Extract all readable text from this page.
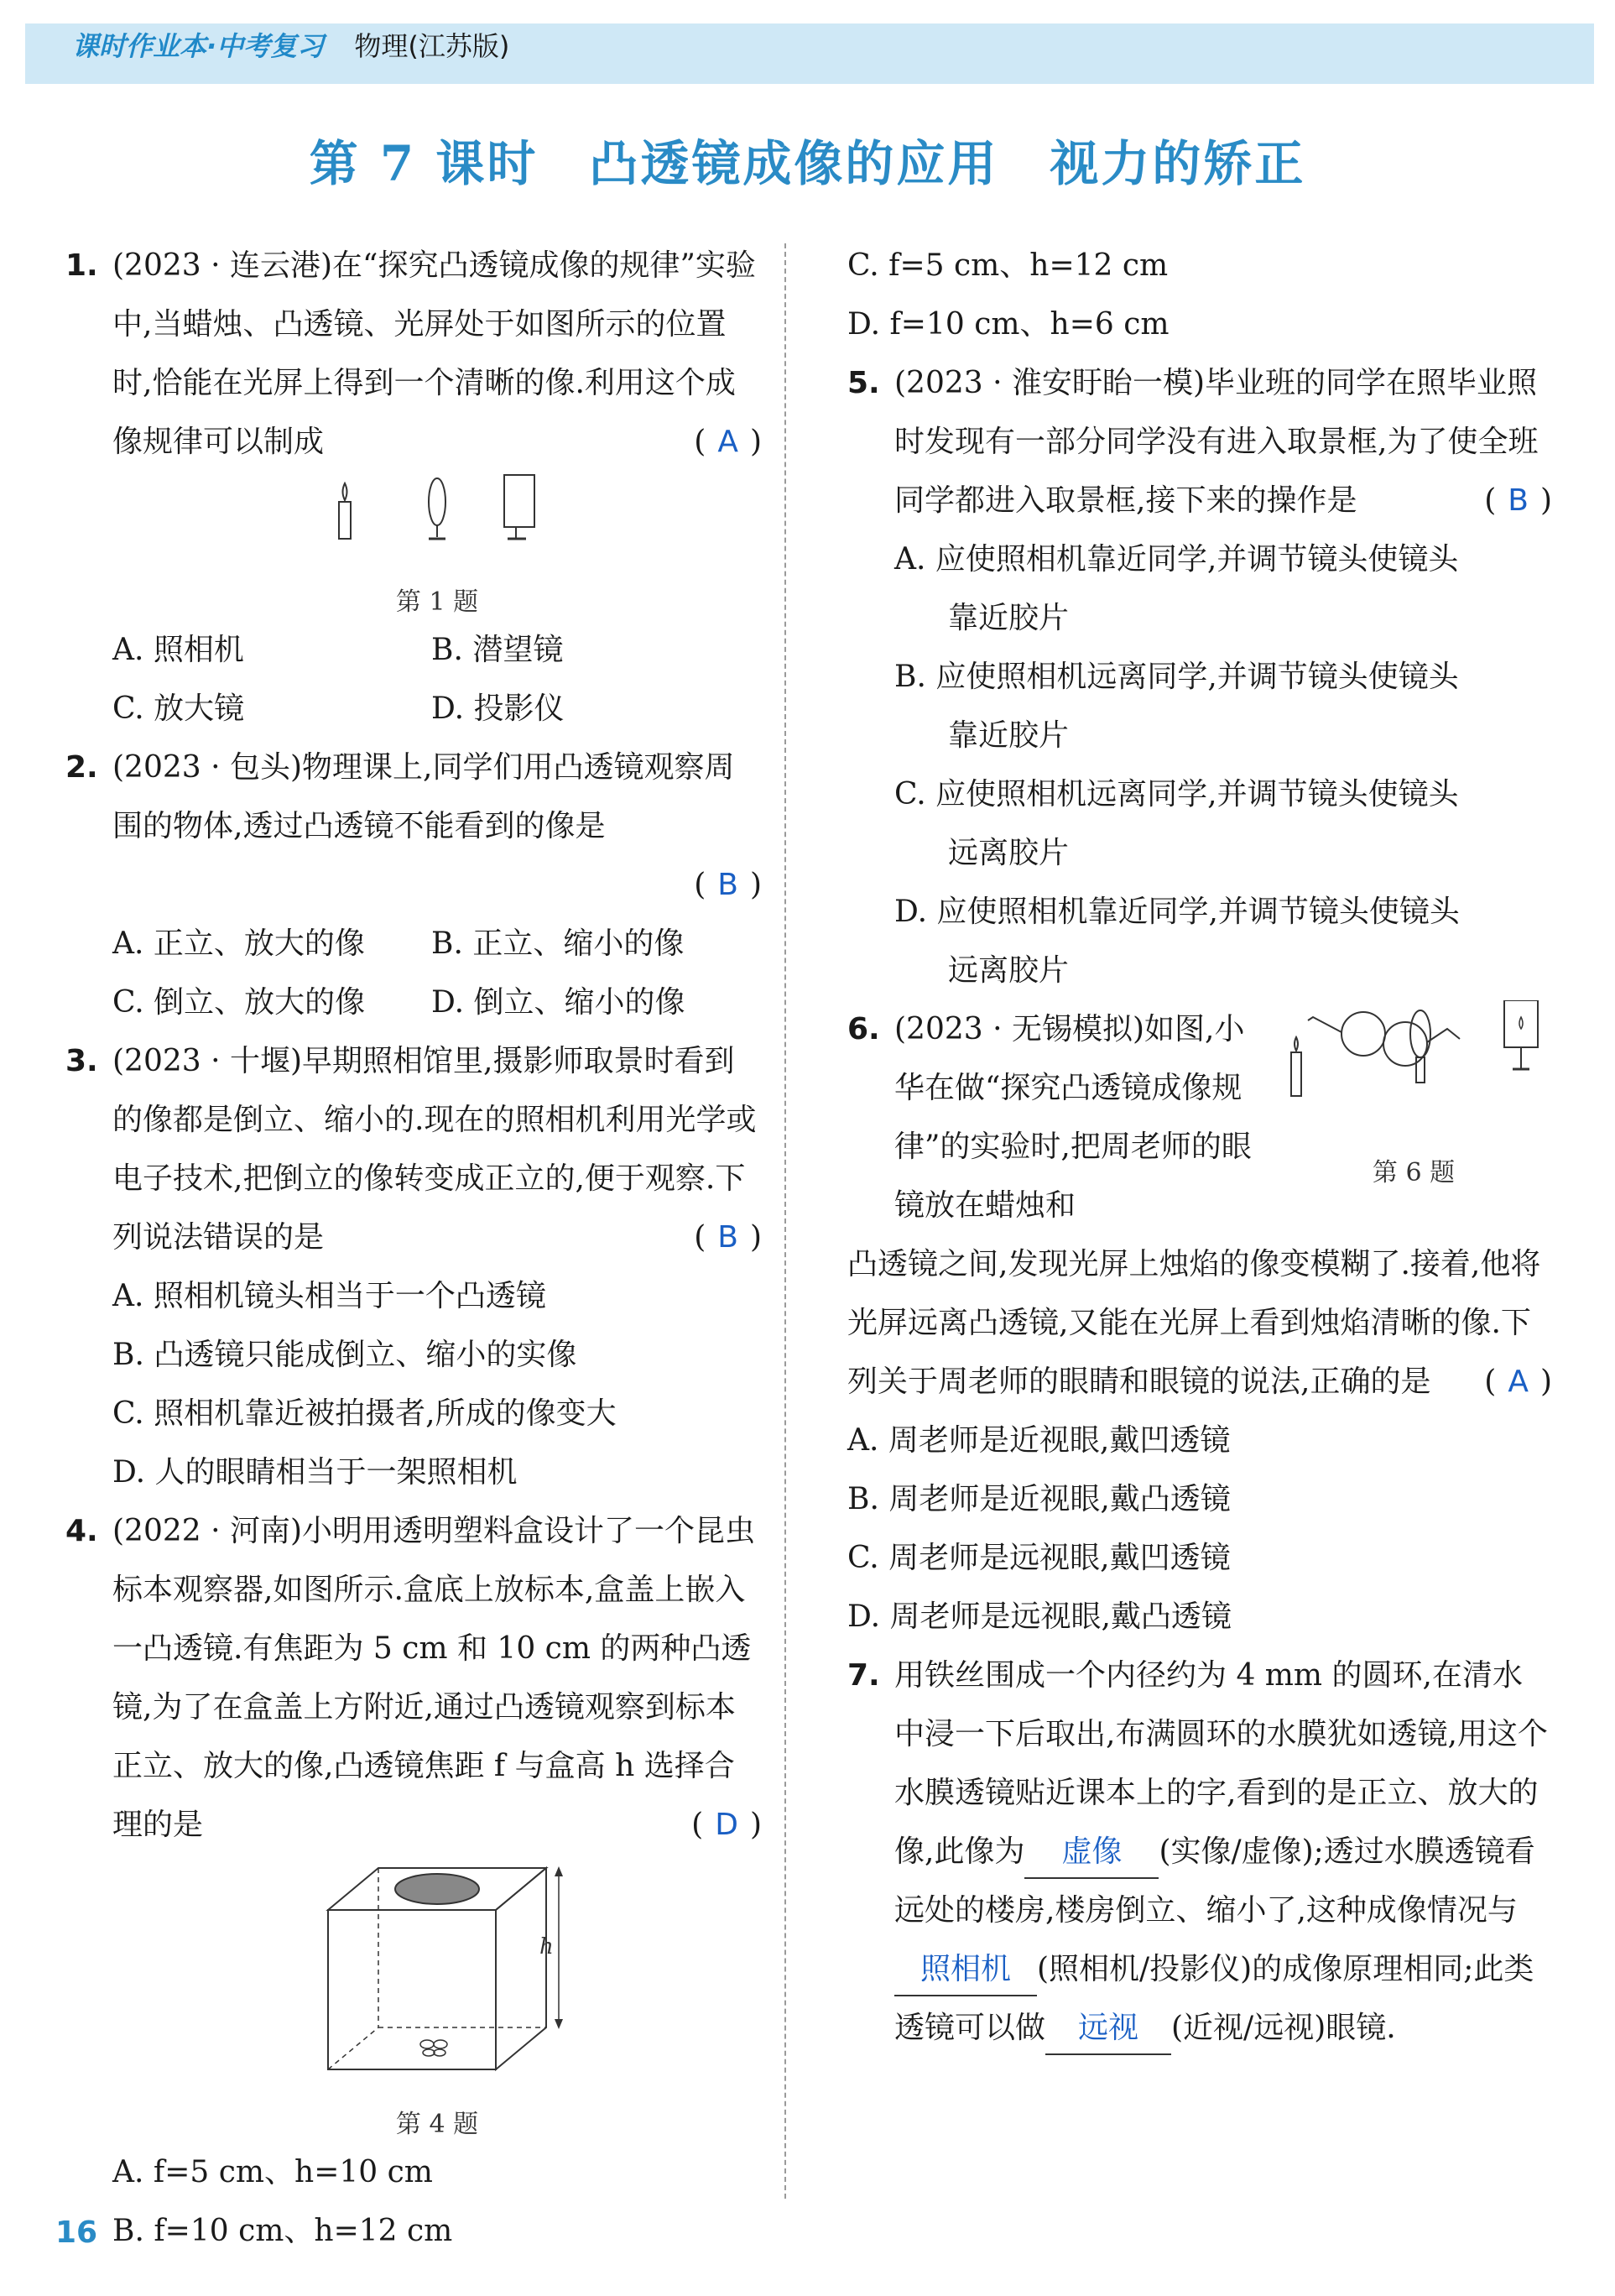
课时作业本·中考复习 物理(江苏版)
第 7 课时　凸透镜成像的应用　视力的矫正
1. (2023 · 连云港)在“探究凸透镜成像的规律”实验中,当蜡烛、凸透镜、光屏处于如图所示的位置时,恰能在光屏上得到一个清晰的像.利用这个成像规律可以制成	( A )
第 1 题
A. 照相机	B. 潜望镜
C. 放大镜	D. 投影仪
2. (2023 · 包头)物理课上,同学们用凸透镜观察周围的物体,透过凸透镜不能看到的像是
( B )
A. 正立、放大的像	B. 正立、缩小的像
C. 倒立、放大的像	D. 倒立、缩小的像
3. (2023 · 十堰)早期照相馆里,摄影师取景时看到的像都是倒立、缩小的.现在的照相机利用光学或电子技术,把倒立的像转变成正立的,便于观察.下列说法错误的是	( B )
A. 照相机镜头相当于一个凸透镜
B. 凸透镜只能成倒立、缩小的实像
C. 照相机靠近被拍摄者,所成的像变大
D. 人的眼睛相当于一架照相机
4. (2022 · 河南)小明用透明塑料盒设计了一个昆虫标本观察器,如图所示.盒底上放标本,盒盖上嵌入一凸透镜.有焦距为 5 cm 和 10 cm 的两种凸透镜,为了在盒盖上方附近,通过凸透镜观察到标本正立、放大的像,凸透镜焦距 f 与盒高 h 选择合理的是	( D )
h
第 4 题
A. f=5 cm、h=10 cm
B. f=10 cm、h=12 cm
C. f=5 cm、h=12 cm
D. f=10 cm、h=6 cm
5. (2023 · 淮安盱眙一模)毕业班的同学在照毕业照时发现有一部分同学没有进入取景框,为了使全班同学都进入取景框,接下来的操作是	( B )
A. 应使照相机靠近同学,并调节镜头使镜头
靠近胶片
B. 应使照相机远离同学,并调节镜头使镜头
靠近胶片
C. 应使照相机远离同学,并调节镜头使镜头
远离胶片
D. 应使照相机靠近同学,并调节镜头使镜头
远离胶片
6.
第 6 题
(2023 · 无锡模拟)如图,小华在做“探究凸透镜成像规律”的实验时,把周老师的眼镜放在蜡烛和
凸透镜之间,发现光屏上烛焰的像变模糊了.接着,他将光屏远离凸透镜,又能在光屏上看到烛焰清晰的像.下列关于周老师的眼睛和眼镜的说法,正确的是 ( A )
A. 周老师是近视眼,戴凹透镜
B. 周老师是近视眼,戴凸透镜
C. 周老师是远视眼,戴凹透镜
D. 周老师是远视眼,戴凸透镜
7. 用铁丝围成一个内径约为 4 mm 的圆环,在清水中浸一下后取出,布满圆环的水膜犹如透镜,用这个水膜透镜贴近课本上的字,看到的是正立、放大的像,此像为 虚像 (实像/虚像);透过水膜透镜看远处的楼房,楼房倒立、缩小了,这种成像情况与照相机 (照相机/投影仪)的成像原理相同;此类透镜可以做 远视 (近视/远视)眼镜.
16
